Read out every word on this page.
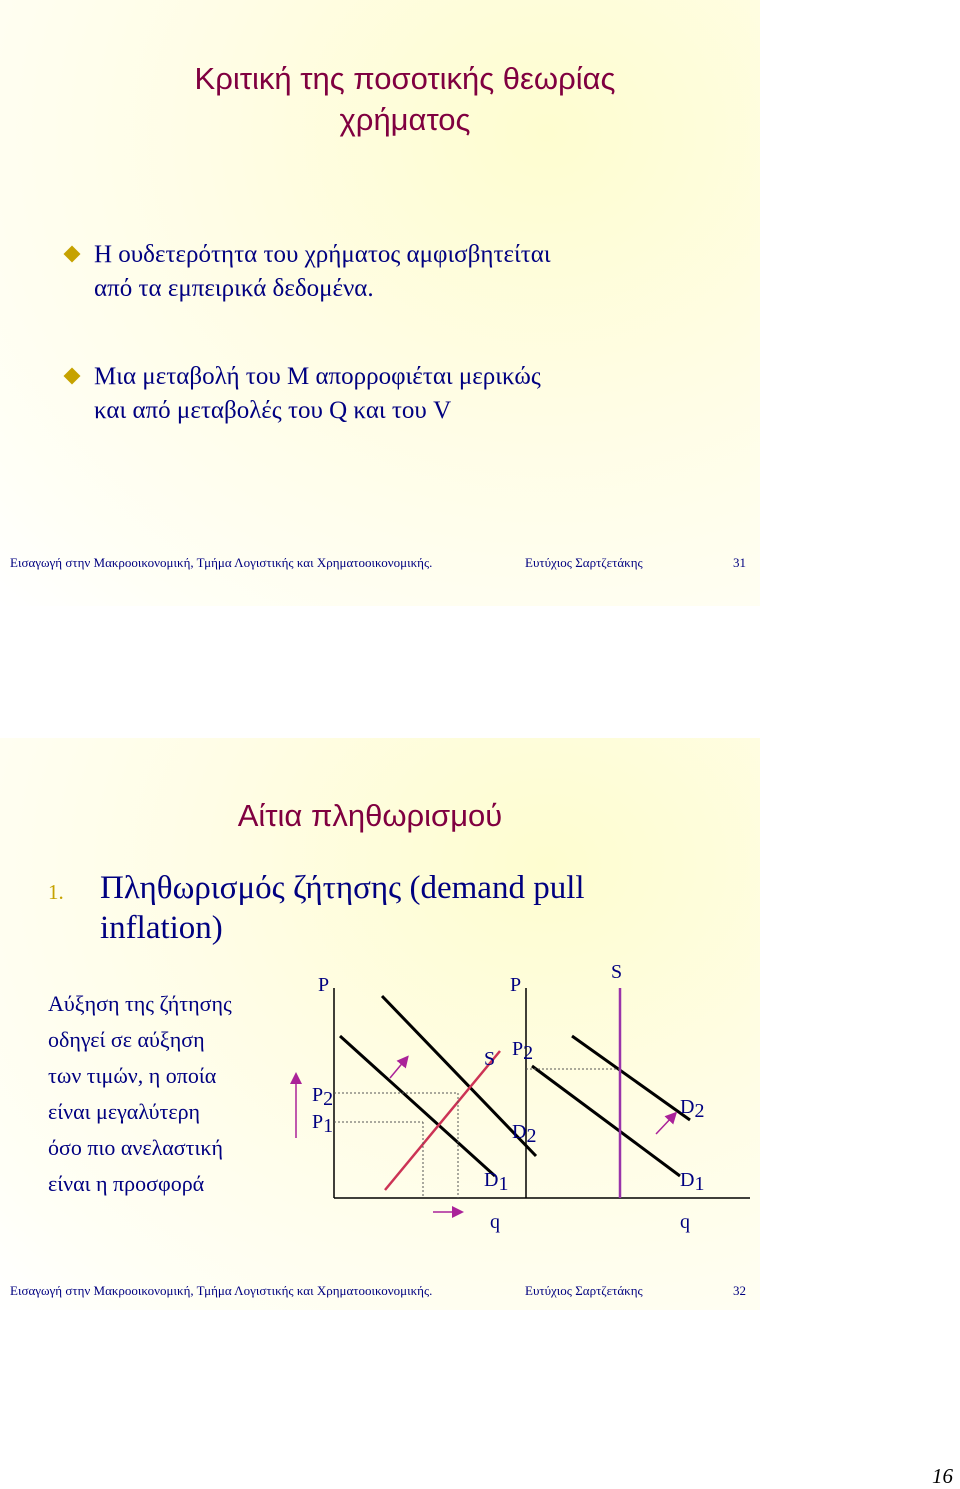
Κριτική της ποσοτικής θεωρίας
χρήματος
Η ουδετερότητα του χρήματος αμφισβητείται
από τα εμπειρικά δεδομένα.
Μια μεταβολή του M απορροφιέται μερικώς
και από μεταβολές του Q και του V
Εισαγωγή στην Μακροοικονομική, Τμήμα Λογιστικής και Χρηματοοικονομικής.	Ευτύχιος Σαρτζετάκης	31
Αίτια πληθωρισμού
1. Πληθωρισμός ζήτησης (demand pull
inflation)
Αύξηση της ζήτησης
οδηγεί σε αύξηση
των τιμών, η οποία
είναι μεγαλύτερη
όσο πιο ανελαστική
είναι η προσφορά
P
P2
P1
S
D1
q
P
P2
D2
S
D2
D1
q
Εισαγωγή στην Μακροοικονομική, Τμήμα Λογιστικής και Χρηματοοικονομικής.	Ευτύχιος Σαρτζετάκης	32
16
